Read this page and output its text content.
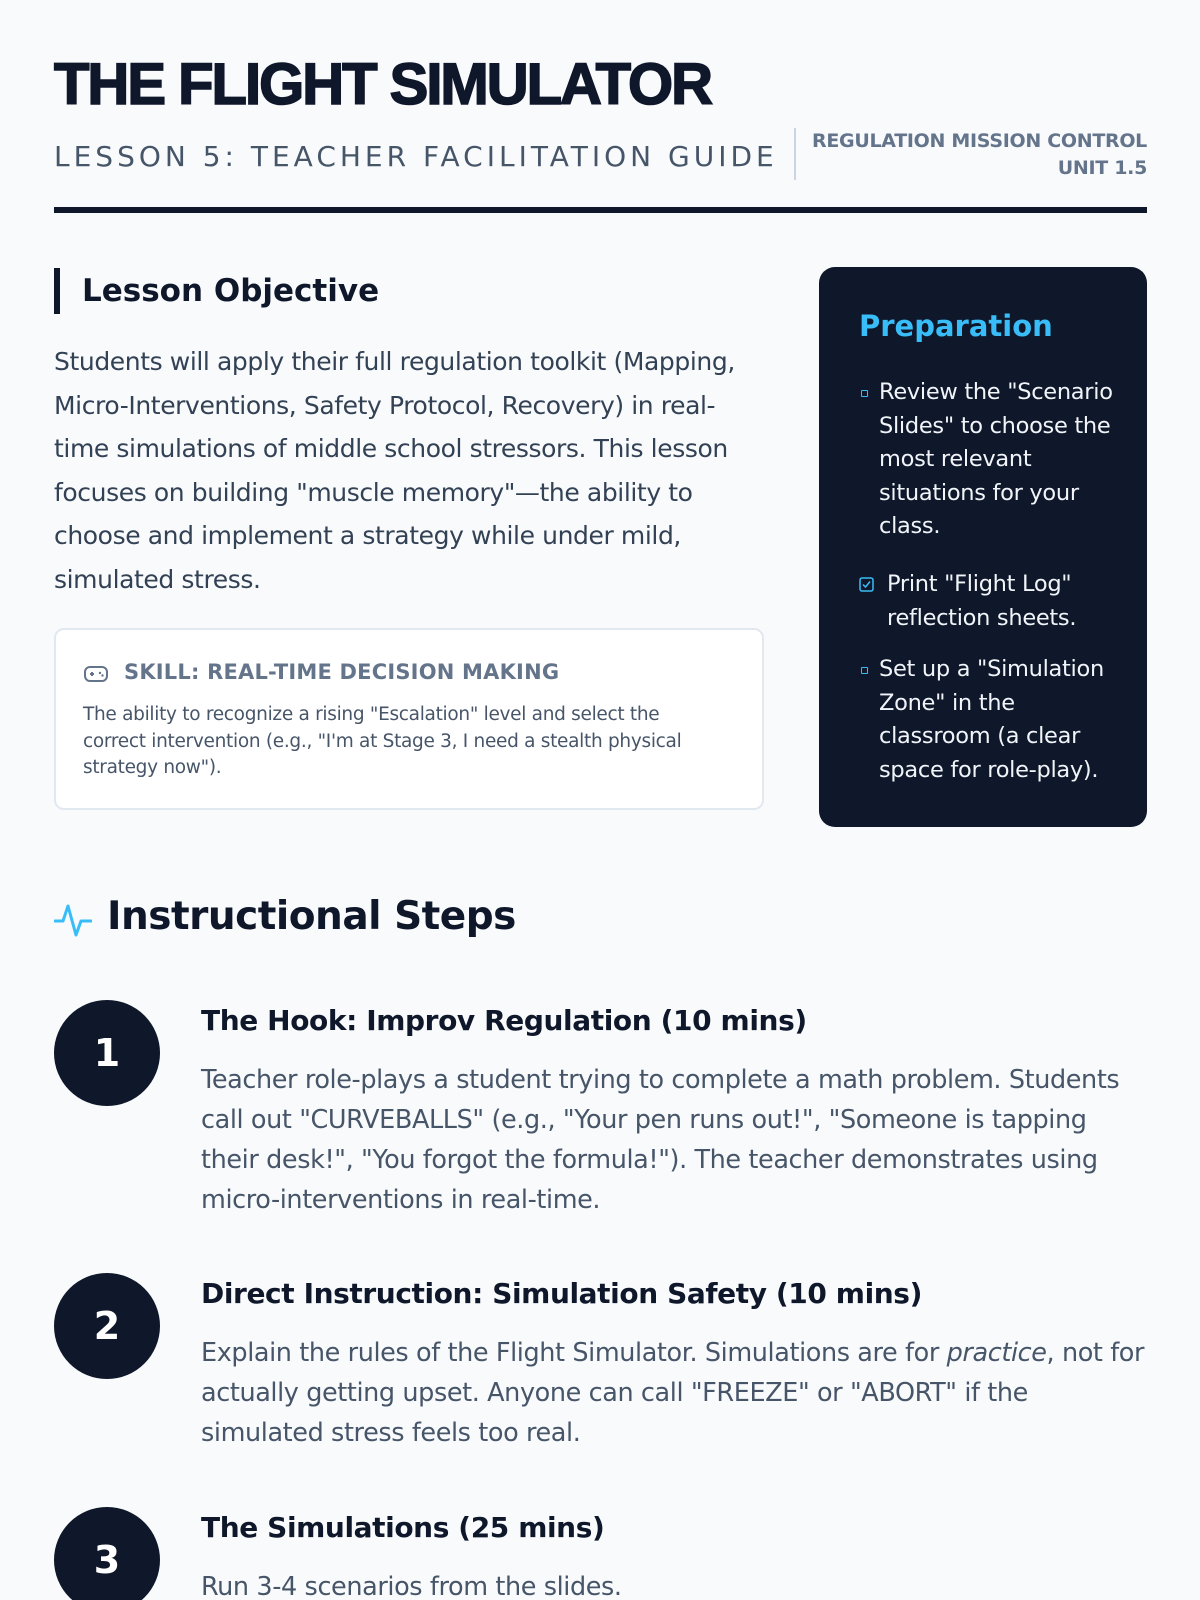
THE FLIGHT SIMULATOR
LESSON 5: TEACHER FACILITATION GUIDE REGULATION MISSION CONTROL
UNIT 1.5
Lesson Objective

Students will apply their full regulation toolkit (Mapping, Micro-Interventions, Safety Protocol, Recovery) in real-time simulations of middle school stressors. This lesson focuses on building "muscle memory"—the ability to choose and implement a strategy while under mild, simulated stress.

SKILL: REAL-TIME DECISION MAKING

The ability to recognize a rising "Escalation" level and select the correct intervention (e.g., "I'm at Stage 3, I need a stealth physical strategy now").

Preparation
Review the "Scenario Slides" to choose the most relevant situations for your class.
Print "Flight Log" reflection sheets.
Set up a "Simulation Zone" in the classroom (a clear space for role-play).
Instructional Steps
1
The Hook: Improv Regulation (10 mins)

Teacher role-plays a student trying to complete a math problem. Students call out "CURVEBALLS" (e.g., "Your pen runs out!", "Someone is tapping their desk!", "You forgot the formula!"). The teacher demonstrates using micro-interventions in real-time.

2
Direct Instruction: Simulation Safety (10 mins)

Explain the rules of the Flight Simulator. Simulations are for practice, not for actually getting upset. Anyone can call "FREEZE" or "ABORT" if the simulated stress feels too real.

3
The Simulations (25 mins)

Run 3-4 scenarios from the slides.
